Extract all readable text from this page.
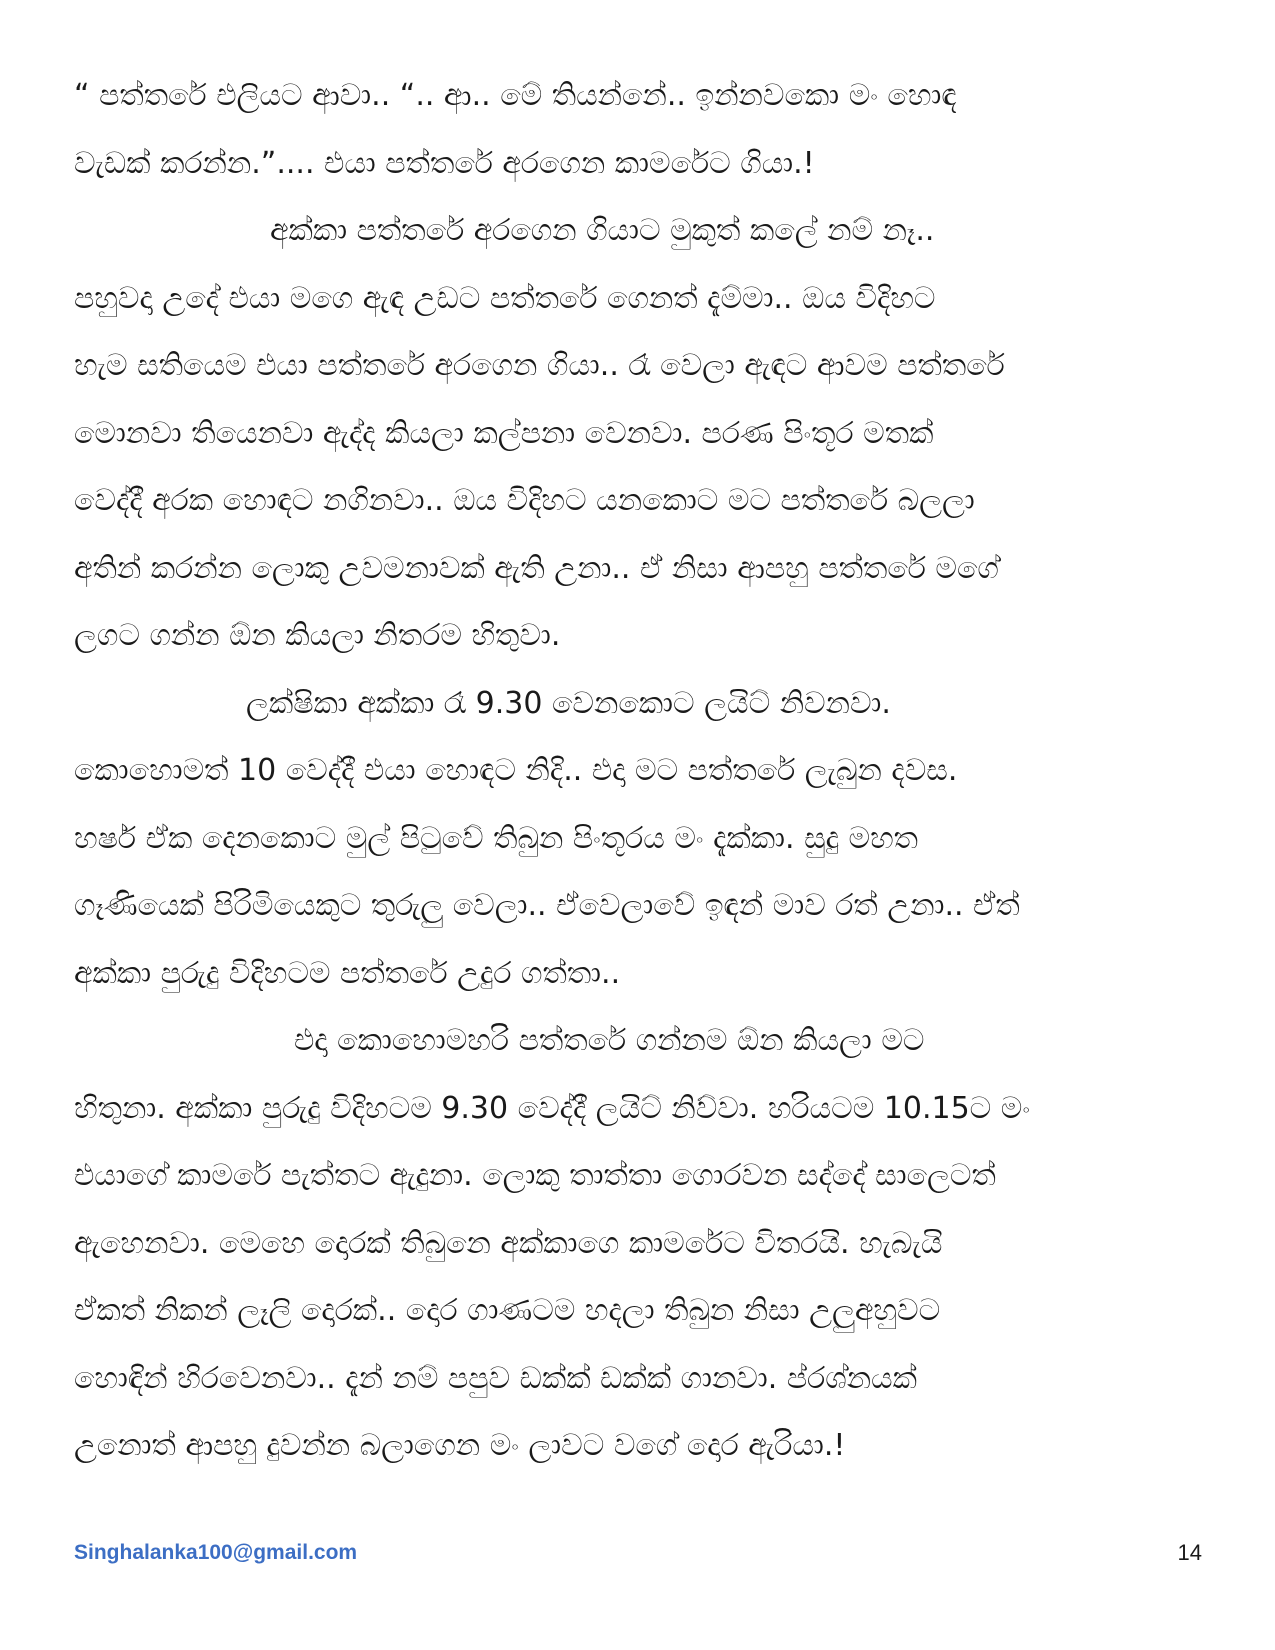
“ පත්තරේ එලියට ආවා.. “.. ආ.. මේ තියන්නේ.. ඉන්නවකො මං හොඳ
වැඩක් කරන්න.”.... එයා පත්තරේ අරගෙන කාමරේට ගියා.!
අක්කා පත්තරේ අරගෙන ගියාට මුකුත් කලේ නම් නෑ..
පහුවදා උදේ එයා මගෙ ඇඳ උඩට පත්තරේ ගෙනත් දැම්මා.. ඔය විදිහට
හැම සතියෙම එයා පත්තරේ අරගෙන ගියා.. රෑ වෙලා ඇඳට ආවම පත්තරේ
මොනවා තියෙනවා ඇද්ද කියලා කල්පනා වෙනවා. පරණ පිංතූර මතක්
වෙද්දී අරක හොඳට නගිනවා.. ඔය විදිහට යනකොට මට පත්තරේ බලලා
අතින් කරන්න ලොකු උවමනාවක් ඇති උනා.. ඒ නිසා ආපහු පත්තරේ මගේ
ලගට ගන්න ඕන කියලා නිතරම හිතුවා.
ලක්ෂිකා අක්කා රෑ 9.30 වෙනකොට ලයිට් නිවනවා.
කොහොමත් 10 වෙද්දී එයා හොඳට නිදි.. එදා මට පත්තරේ ලැබුන දවස.
හර්ෂ ඒක දෙනකොට මුල් පිටුවේ තිබුන පිංතූරය මං දැක්කා. සුදු මහත
ගෑණියෙක් පිරිමියෙකුට තුරුලු වෙලා.. ඒවෙලාවේ ඉඳන් මාව රත් උනා.. ඒත්
අක්කා පුරුදු විදිහටම පත්තරේ උදුර ගත්තා..
එදා කොහොමහරි පත්තරේ ගන්නම ඕන කියලා මට
හිතුනා. අක්කා පුරුදු විදිහටම 9.30 වෙද්දී ලයිට් නිව්වා. හරියටම 10.15ට මං
එයාගේ කාමරේ පැත්තට ඇදුනා. ලොකු තාත්තා ගොරවන සද්දේ සාලෙටත්
ඇහෙනවා. මෙහෙ දොරක් තිබුනෙ අක්කාගෙ කාමරේට විතරයි. හැබැයි
ඒකත් නිකන් ලෑලි දොරක්.. දොර ගාණටම හදලා තිබුන නිසා උලුඅහුවට
හොඳින් හිරවෙනවා.. දැන් නම් පපුව ඩක්ක් ඩක්ක් ගානවා. ප්රශ්නයක්
උනොත් ආපහු දුවන්න බලාගෙන මං ලාවට වගේ දොර ඇරියා.!
Singhalanka100@gmail.com	14
